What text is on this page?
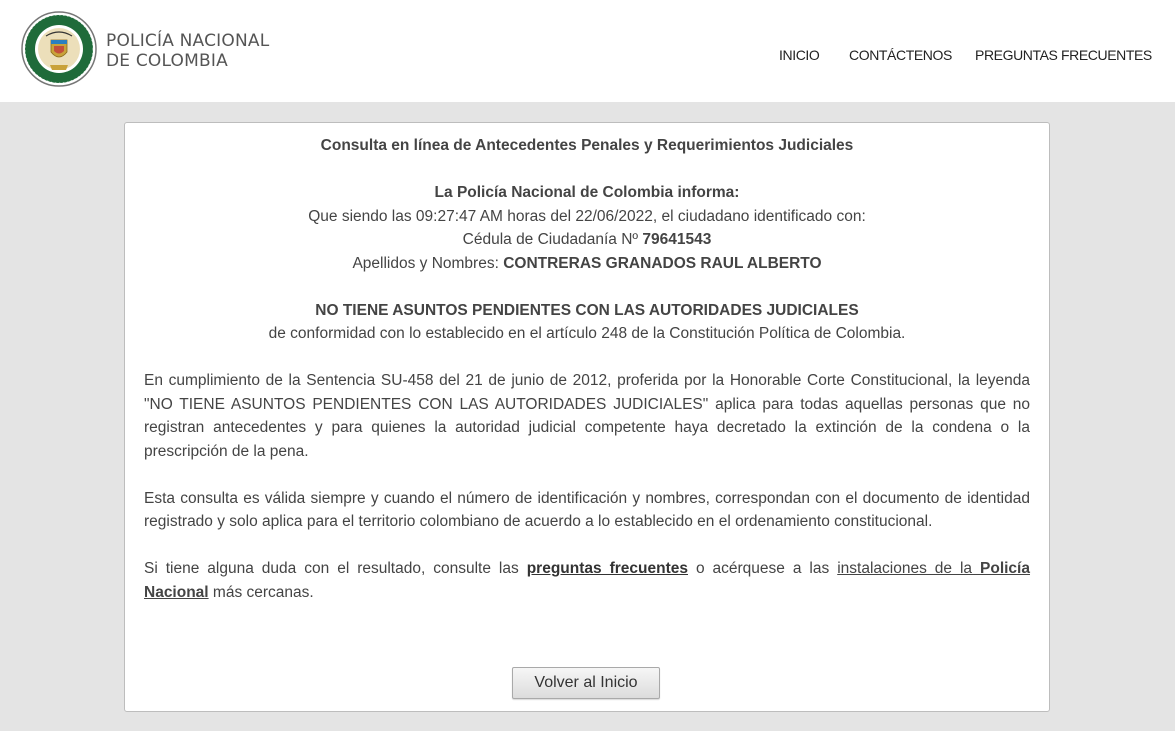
POLICÍA NACIONAL
DE COLOMBIA	INICIO CONTÁCTENOS PREGUNTAS FRECUENTES
Consulta en línea de Antecedentes Penales y Requerimientos Judiciales
La Policía Nacional de Colombia informa:
Que siendo las 09:27:47 AM horas del 22/06/2022, el ciudadano identificado con:
Cédula de Ciudadanía Nº 79641543
Apellidos y Nombres: CONTRERAS GRANADOS RAUL ALBERTO
NO TIENE ASUNTOS PENDIENTES CON LAS AUTORIDADES JUDICIALES
de conformidad con lo establecido en el artículo 248 de la Constitución Política de Colombia.

En cumplimiento de la Sentencia SU-458 del 21 de junio de 2012, proferida por la Honorable Corte Constitucional, la leyenda "NO TIENE ASUNTOS PENDIENTES CON LAS AUTORIDADES JUDICIALES" aplica para todas aquellas personas que no registran antecedentes y para quienes la autoridad judicial competente haya decretado la extinción de la condena o la prescripción de la pena.

Esta consulta es válida siempre y cuando el número de identificación y nombres, correspondan con el documento de identidad registrado y solo aplica para el territorio colombiano de acuerdo a lo establecido en el ordenamiento constitucional.

Si tiene alguna duda con el resultado, consulte las preguntas frecuentes o acérquese a las instalaciones de la Policía Nacional más cercanas.

Volver al Inicio
